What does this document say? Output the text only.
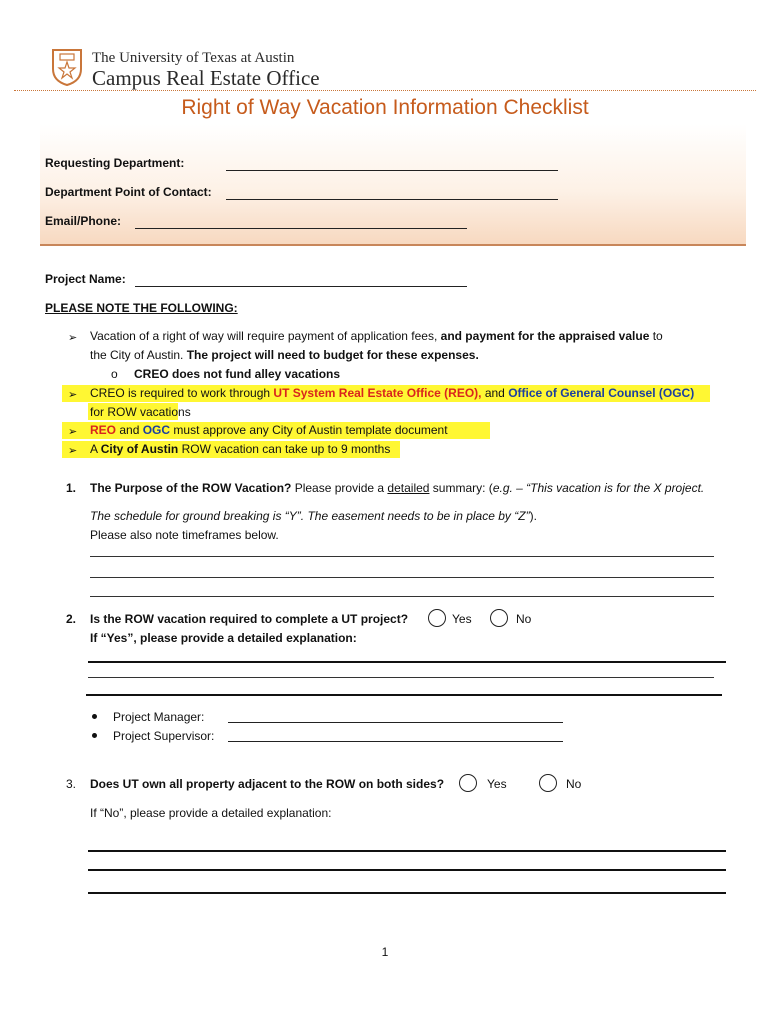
The University of Texas at Austin
Campus Real Estate Office
Right of Way Vacation Information Checklist
Requesting Department:
Department Point of Contact:
Email/Phone:
Project Name:
PLEASE NOTE THE FOLLOWING:
➢ Vacation of a right of way will require payment of application fees, and payment for the appraised value to
the City of Austin. The project will need to budget for these expenses.
o CREO does not fund alley vacations
➢ CREO is required to work through UT System Real Estate Office (REO), and Office of General Counsel (OGC)
for ROW vacations
➢ REO and OGC must approve any City of Austin template document
➢ A City of Austin ROW vacation can take up to 9 months
1. The Purpose of the ROW Vacation? Please provide a detailed summary: (e.g. – “This vacation is for the X project.
The schedule for ground breaking is “Y”. The easement needs to be in place by “Z”).
Please also note timeframes below.
2. Is the ROW vacation required to complete a UT project?	Yes	No
If “Yes”, please provide a detailed explanation:
Project Manager:
Project Supervisor:
3. Does UT own all property adjacent to the ROW on both sides?	Yes	No
If “No”, please provide a detailed explanation:
1
